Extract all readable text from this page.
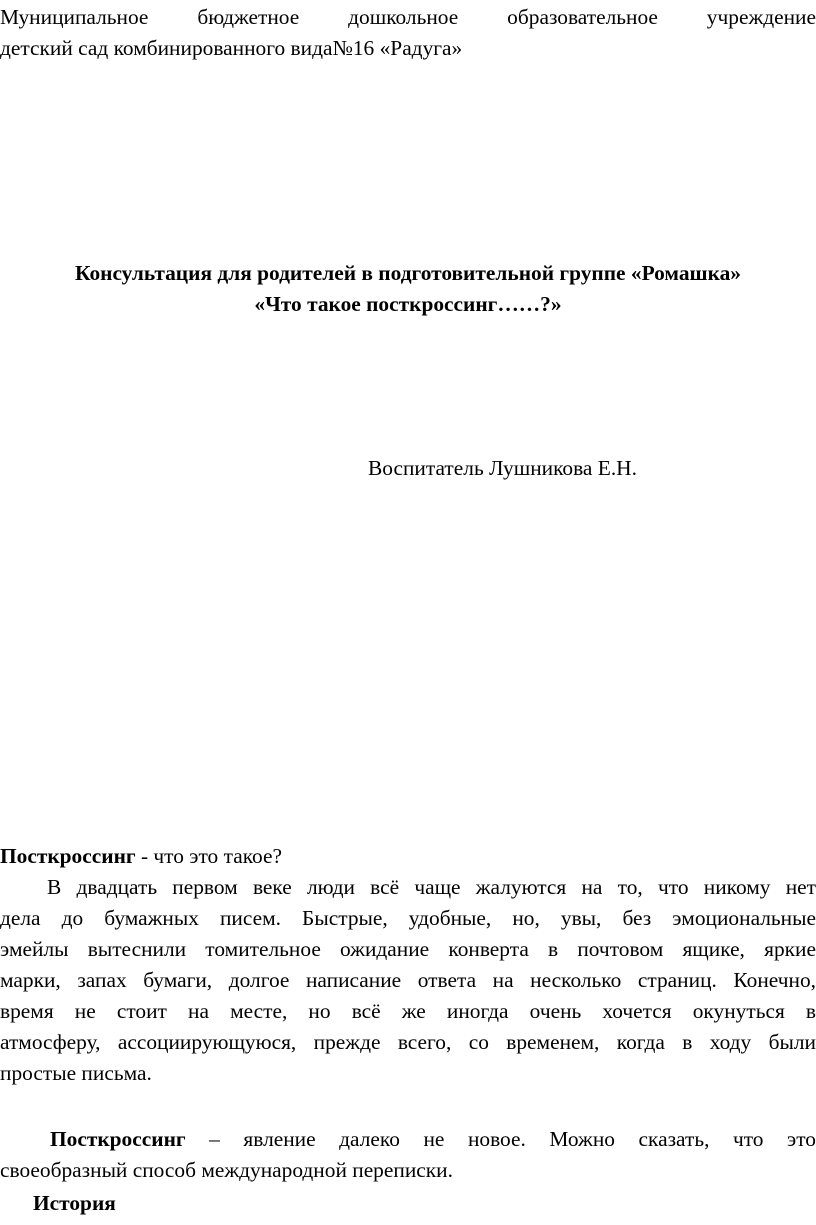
Муниципальное бюджетное дошкольное образовательное учреждение
детский сад комбинированного вида№16 «Радуга»
Консультация для родителей в подготовительной группе «Ромашка»
«Что такое посткроссинг……?»
Воспитатель Лушникова Е.Н.
Посткроссинг - что это такое?
В двадцать первом веке люди всё чаще жалуются на то, что никому нет
дела до бумажных писем. Быстрые, удобные, но, увы, без эмоциональные
эмейлы вытеснили томительное ожидание конверта в почтовом ящике, яркие
марки, запах бумаги, долгое написание ответа на несколько страниц. Конечно,
время не стоит на месте, но всё же иногда очень хочется окунуться в
атмосферу, ассоциирующуюся, прежде всего, со временем, когда в ходу были
простые письма.
Посткроссинг – явление далеко не новое. Можно сказать, что это
своеобразный способ международной переписки.
История
